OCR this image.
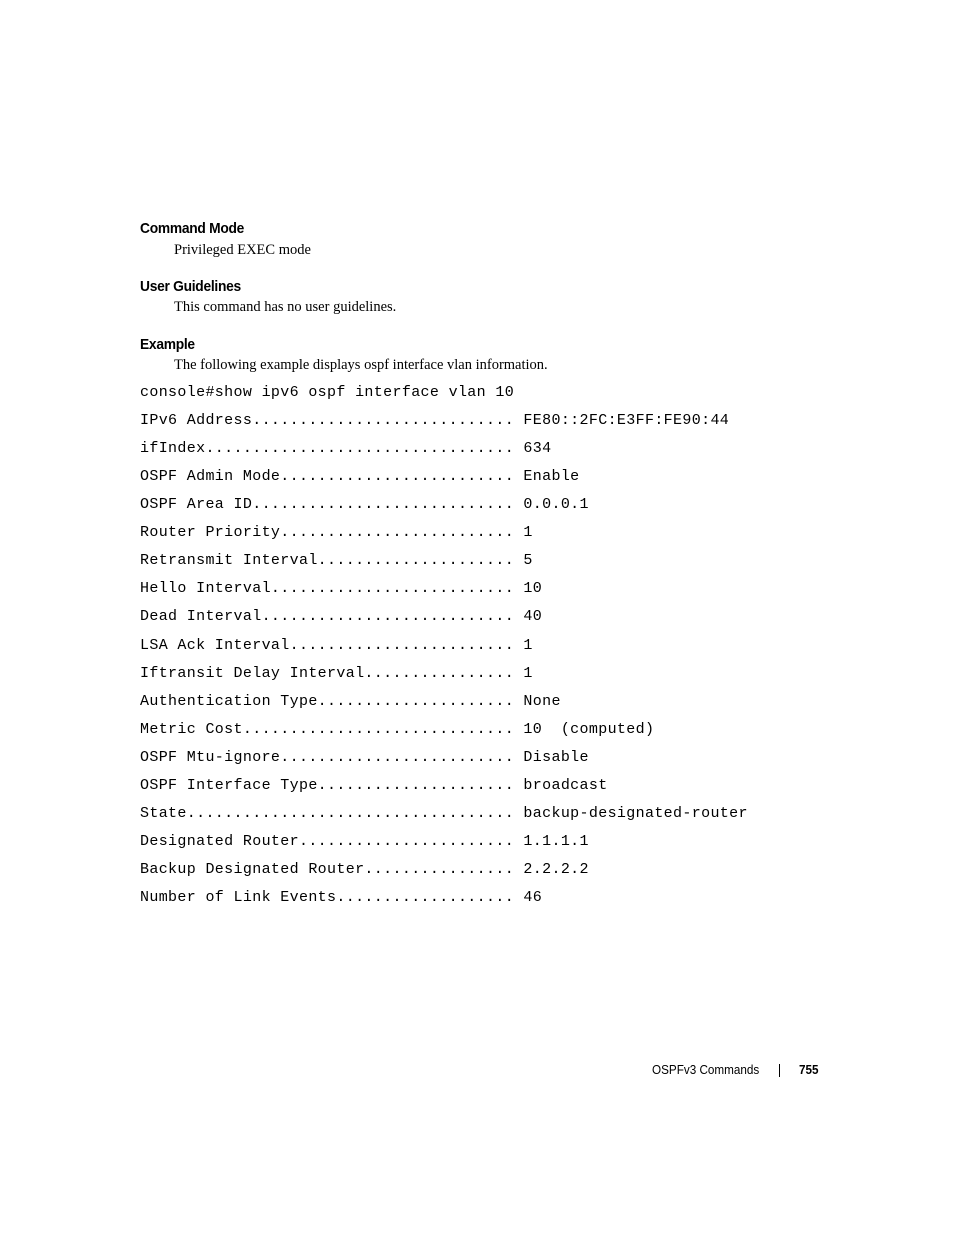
Command Mode
Privileged EXEC mode
User Guidelines
This command has no user guidelines.
Example
The following example displays ospf interface vlan information.
console#show ipv6 ospf interface vlan 10
IPv6 Address............................ FE80::2FC:E3FF:FE90:44
ifIndex................................. 634
OSPF Admin Mode......................... Enable
OSPF Area ID............................ 0.0.0.1
Router Priority......................... 1
Retransmit Interval..................... 5
Hello Interval.......................... 10
Dead Interval........................... 40
LSA Ack Interval........................ 1
Iftransit Delay Interval................ 1
Authentication Type..................... None
Metric Cost............................. 10  (computed)
OSPF Mtu-ignore......................... Disable
OSPF Interface Type..................... broadcast
State................................... backup-designated-router
Designated Router....................... 1.1.1.1
Backup Designated Router................ 2.2.2.2
Number of Link Events................... 46
OSPFv3 Commands	755
